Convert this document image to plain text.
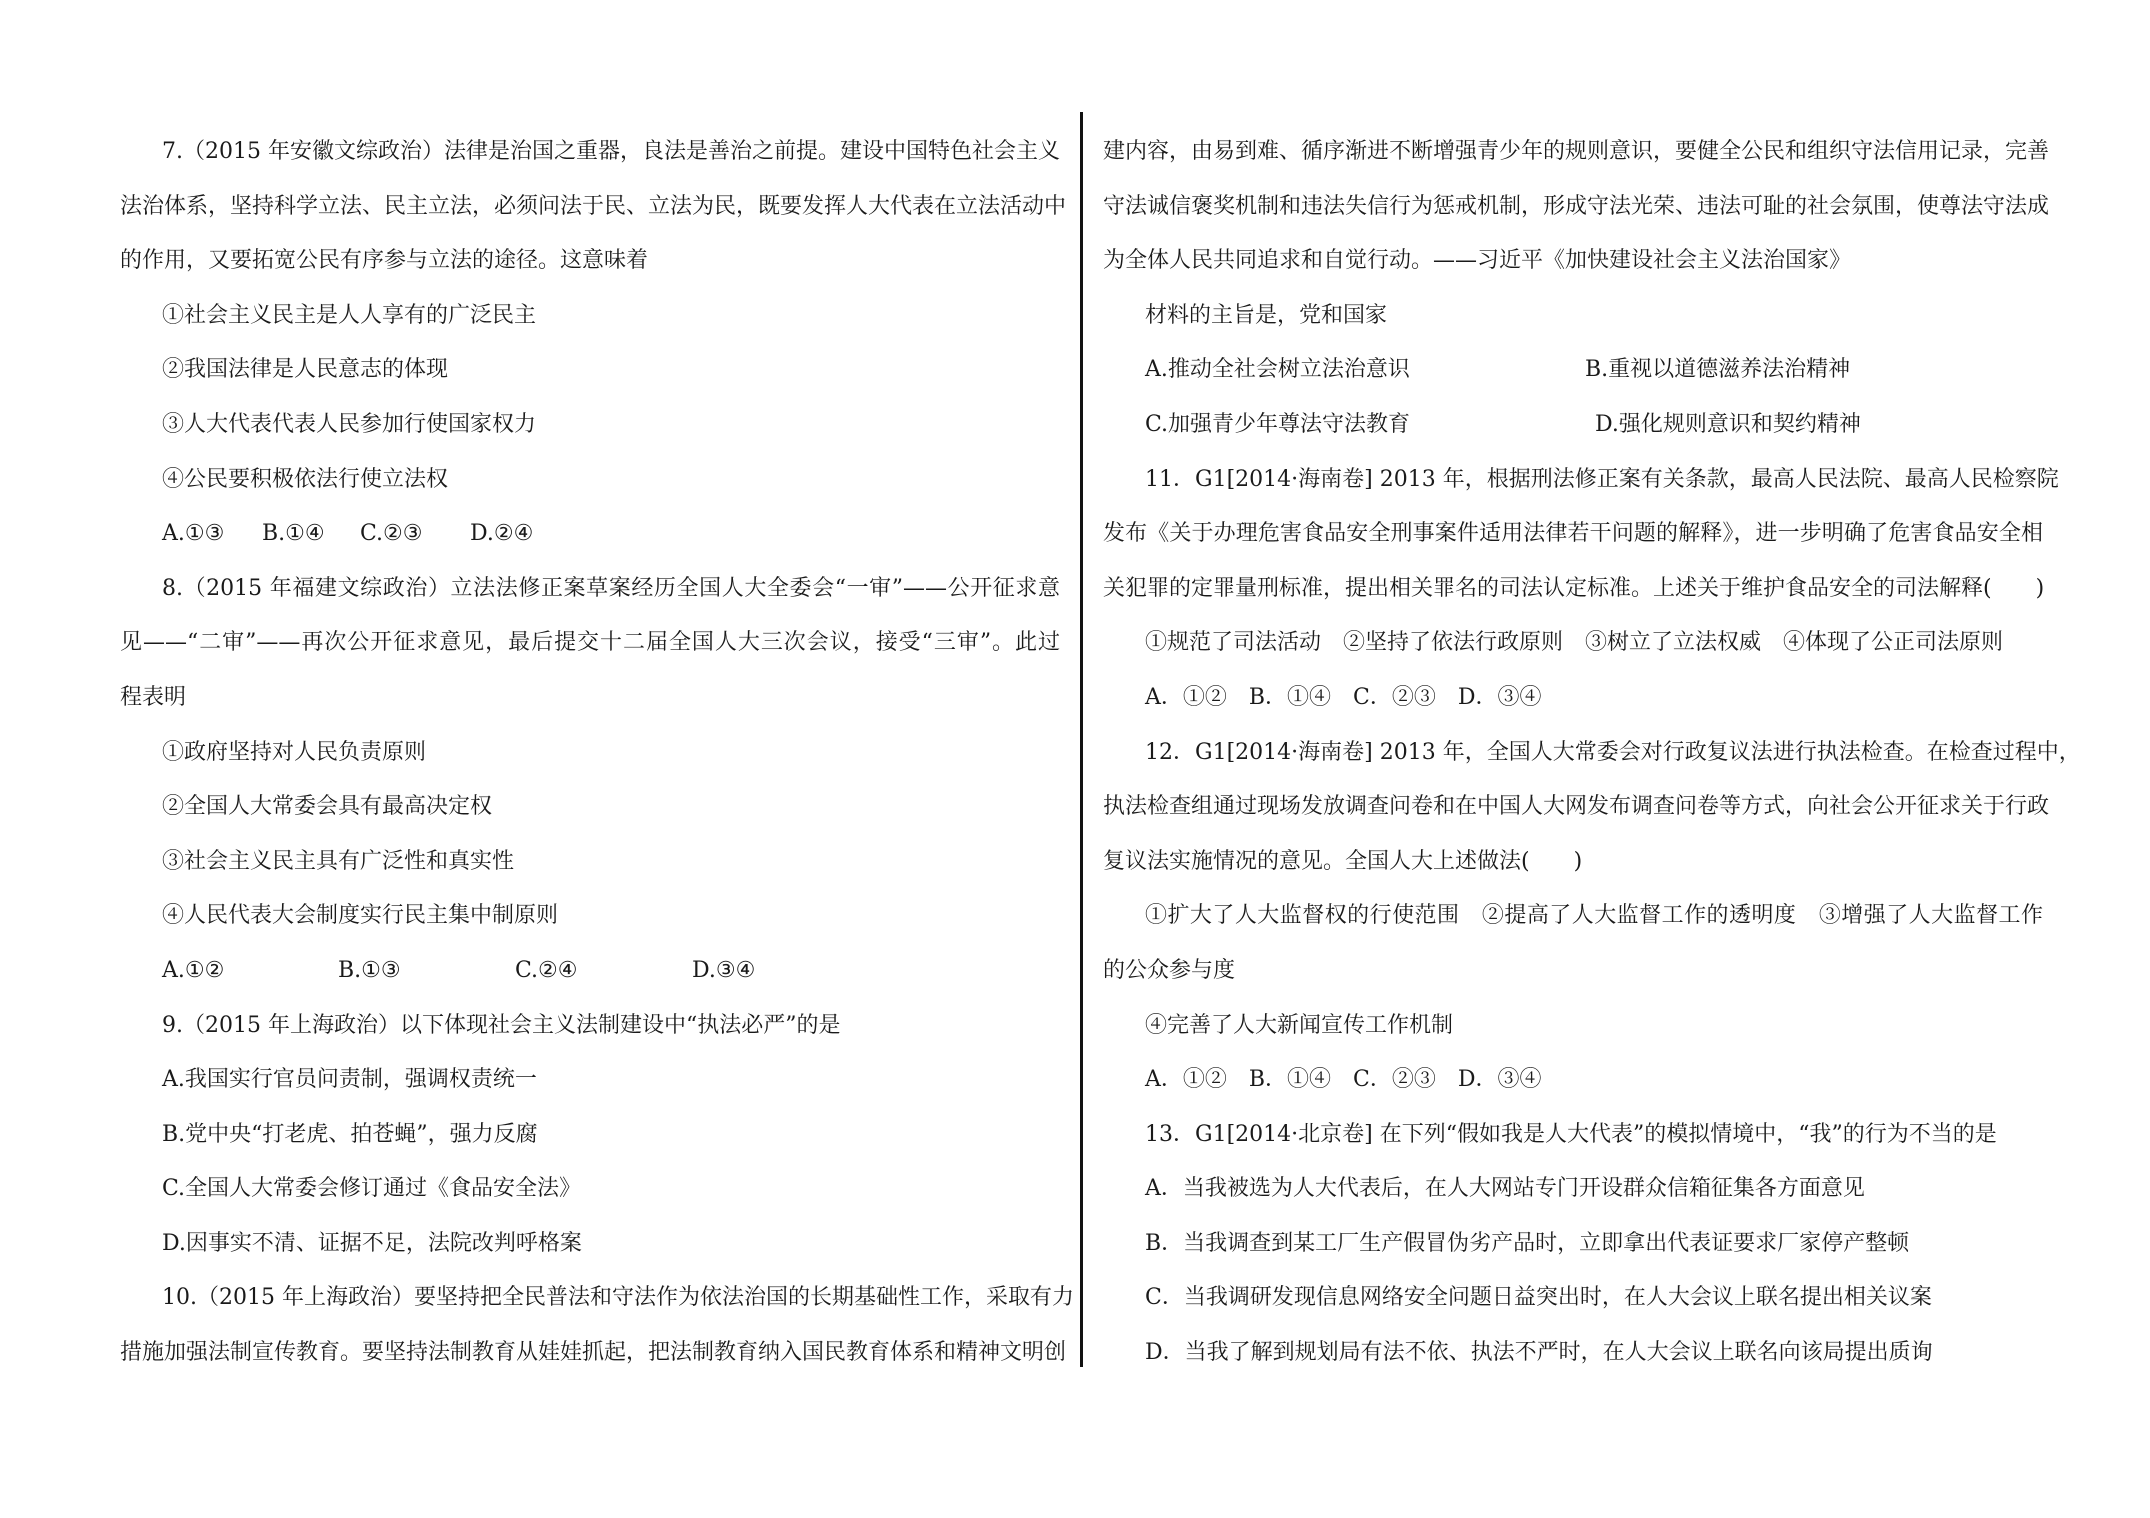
7.（2015 年安徽文综政治）法律是治国之重器，良法是善治之前提。建设中国特色社会主义
法治体系，坚持科学立法、民主立法，必须问法于民、立法为民，既要发挥人大代表在立法活动中
的作用，又要拓宽公民有序参与立法的途径。这意味着
①社会主义民主是人人享有的广泛民主
②我国法律是人民意志的体现
③人大代表代表人民参加行使国家权力
④公民要积极依法行使立法权
A.①③	B.①④	C.②③	D.②④
8.（2015 年福建文综政治）立法法修正案草案经历全国人大全委会“一审”——公开征求意
见——“二审”——再次公开征求意见，最后提交十二届全国人大三次会议，接受“三审”。此过
程表明
①政府坚持对人民负责原则
②全国人大常委会具有最高决定权
③社会主义民主具有广泛性和真实性
④人民代表大会制度实行民主集中制原则
A.①②	B.①③	C.②④	D.③④
9.（2015 年上海政治）以下体现社会主义法制建设中“执法必严”的是
A.我国实行官员问责制，强调权责统一
B.党中央“打老虎、拍苍蝇”，强力反腐
C.全国人大常委会修订通过《食品安全法》
D.因事实不清、证据不足，法院改判呼格案
10.（2015 年上海政治）要坚持把全民普法和守法作为依法治国的长期基础性工作，采取有力
措施加强法制宣传教育。要坚持法制教育从娃娃抓起，把法制教育纳入国民教育体系和精神文明创
建内容，由易到难、循序渐进不断增强青少年的规则意识，要健全公民和组织守法信用记录，完善
守法诚信褒奖机制和违法失信行为惩戒机制，形成守法光荣、违法可耻的社会氛围，使尊法守法成
为全体人民共同追求和自觉行动。——习近平《加快建设社会主义法治国家》
材料的主旨是，党和国家
A.推动全社会树立法治意识	B.重视以道德滋养法治精神
C.加强青少年尊法守法教育	D.强化规则意识和契约精神
11．G1[2014·海南卷] 2013 年，根据刑法修正案有关条款，最高人民法院、最高人民检察院
发布《关于办理危害食品安全刑事案件适用法律若干问题的解释》，进一步明确了危害食品安全相
关犯罪的定罪量刑标准，提出相关罪名的司法认定标准。上述关于维护食品安全的司法解释(　　)
①规范了司法活动　②坚持了依法行政原则　③树立了立法权威　④体现了公正司法原则
A．①②　B．①④　C．②③　D．③④
12．G1[2014·海南卷] 2013 年，全国人大常委会对行政复议法进行执法检查。在检查过程中，
执法检查组通过现场发放调查问卷和在中国人大网发布调查问卷等方式，向社会公开征求关于行政
复议法实施情况的意见。全国人大上述做法(　　)
①扩大了人大监督权的行使范围　②提高了人大监督工作的透明度　③增强了人大监督工作
的公众参与度
④完善了人大新闻宣传工作机制
A．①②　B．①④　C．②③　D．③④
13．G1[2014·北京卷] 在下列“假如我是人大代表”的模拟情境中，“我”的行为不当的是
A．当我被选为人大代表后，在人大网站专门开设群众信箱征集各方面意见
B．当我调查到某工厂生产假冒伪劣产品时，立即拿出代表证要求厂家停产整顿
C．当我调研发现信息网络安全问题日益突出时，在人大会议上联名提出相关议案
D．当我了解到规划局有法不依、执法不严时，在人大会议上联名向该局提出质询
